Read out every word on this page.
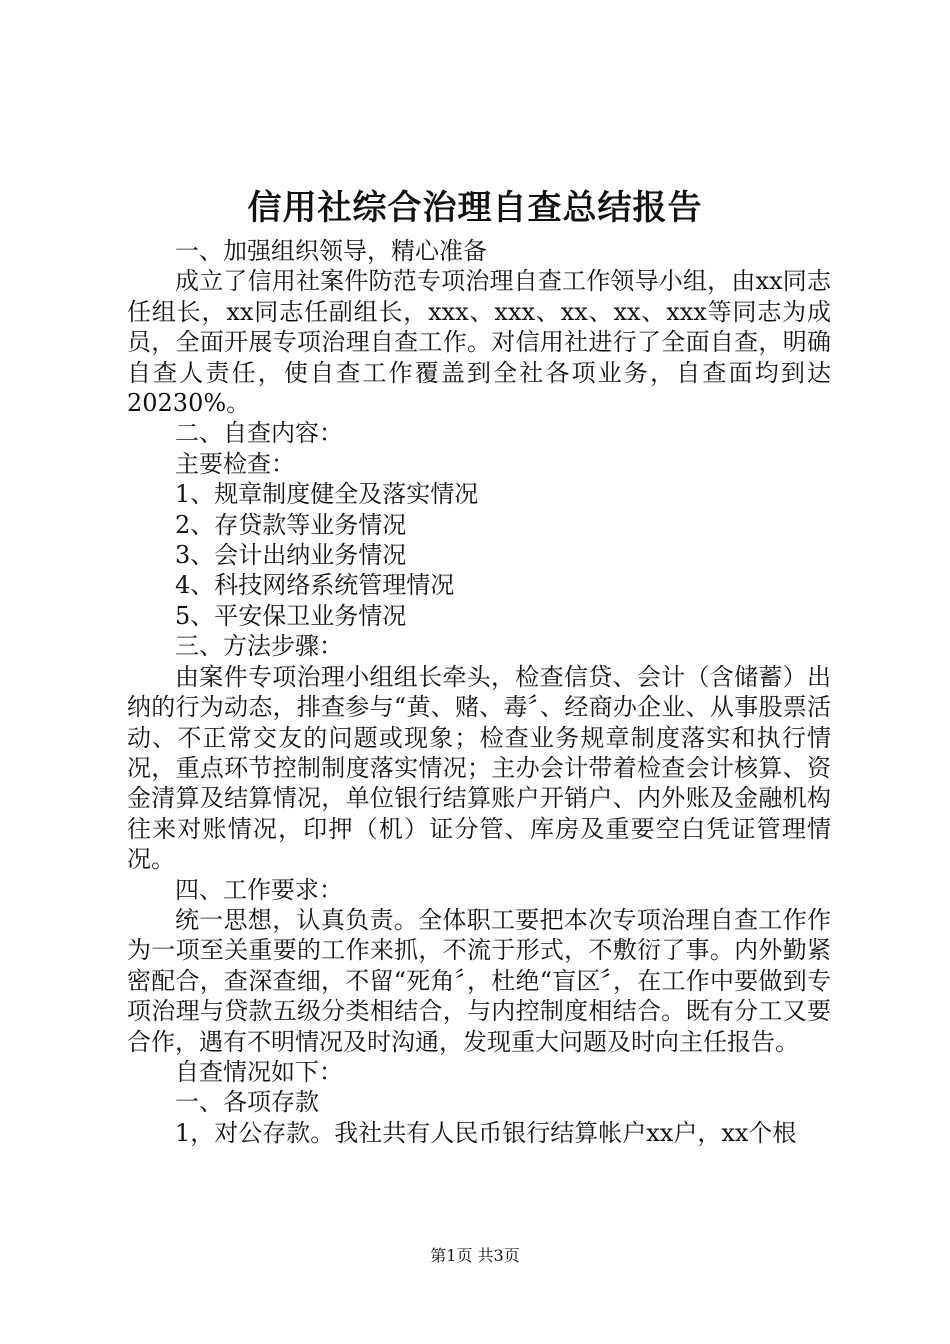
信用社综合治理自查总结报告

一、加强组织领导，精心准备

成立了信用社案件防范专项治理自查工作领导小组，由xx同志任组长，xx同志任副组长，xxx、xxx、xx、xx、xxx等同志为成员，全面开展专项治理自查工作。对信用社进行了全面自查，明确自查人责任，使自查工作覆盖到全社各项业务，自查面均到达20230%。

二、自查内容：

主要检查：

1、规章制度健全及落实情况

2、存贷款等业务情况

3、会计出纳业务情况

4、科技网络系统管理情况

5、平安保卫业务情况

三、方法步骤：

由案件专项治理小组组长牵头，检查信贷、会计（含储蓄）出纳的行为动态，排查参与“黄、赌、毒〞、经商办企业、从事股票活动、不正常交友的问题或现象；检查业务规章制度落实和执行情况，重点环节控制制度落实情况；主办会计带着检查会计核算、资金清算及结算情况，单位银行结算账户开销户、内外账及金融机构往来对账情况，印押（机）证分管、库房及重要空白凭证管理情况。

四、工作要求：

统一思想，认真负责。全体职工要把本次专项治理自查工作作为一项至关重要的工作来抓，不流于形式，不敷衍了事。内外勤紧密配合，查深查细，不留“死角〞，杜绝“盲区〞，在工作中要做到专项治理与贷款五级分类相结合，与内控制度相结合。既有分工又要合作，遇有不明情况及时沟通，发现重大问题及时向主任报告。

自查情况如下：

一、各项存款

1，对公存款。我社共有人民币银行结算帐户xx户，xx个根

第1页 共3页
